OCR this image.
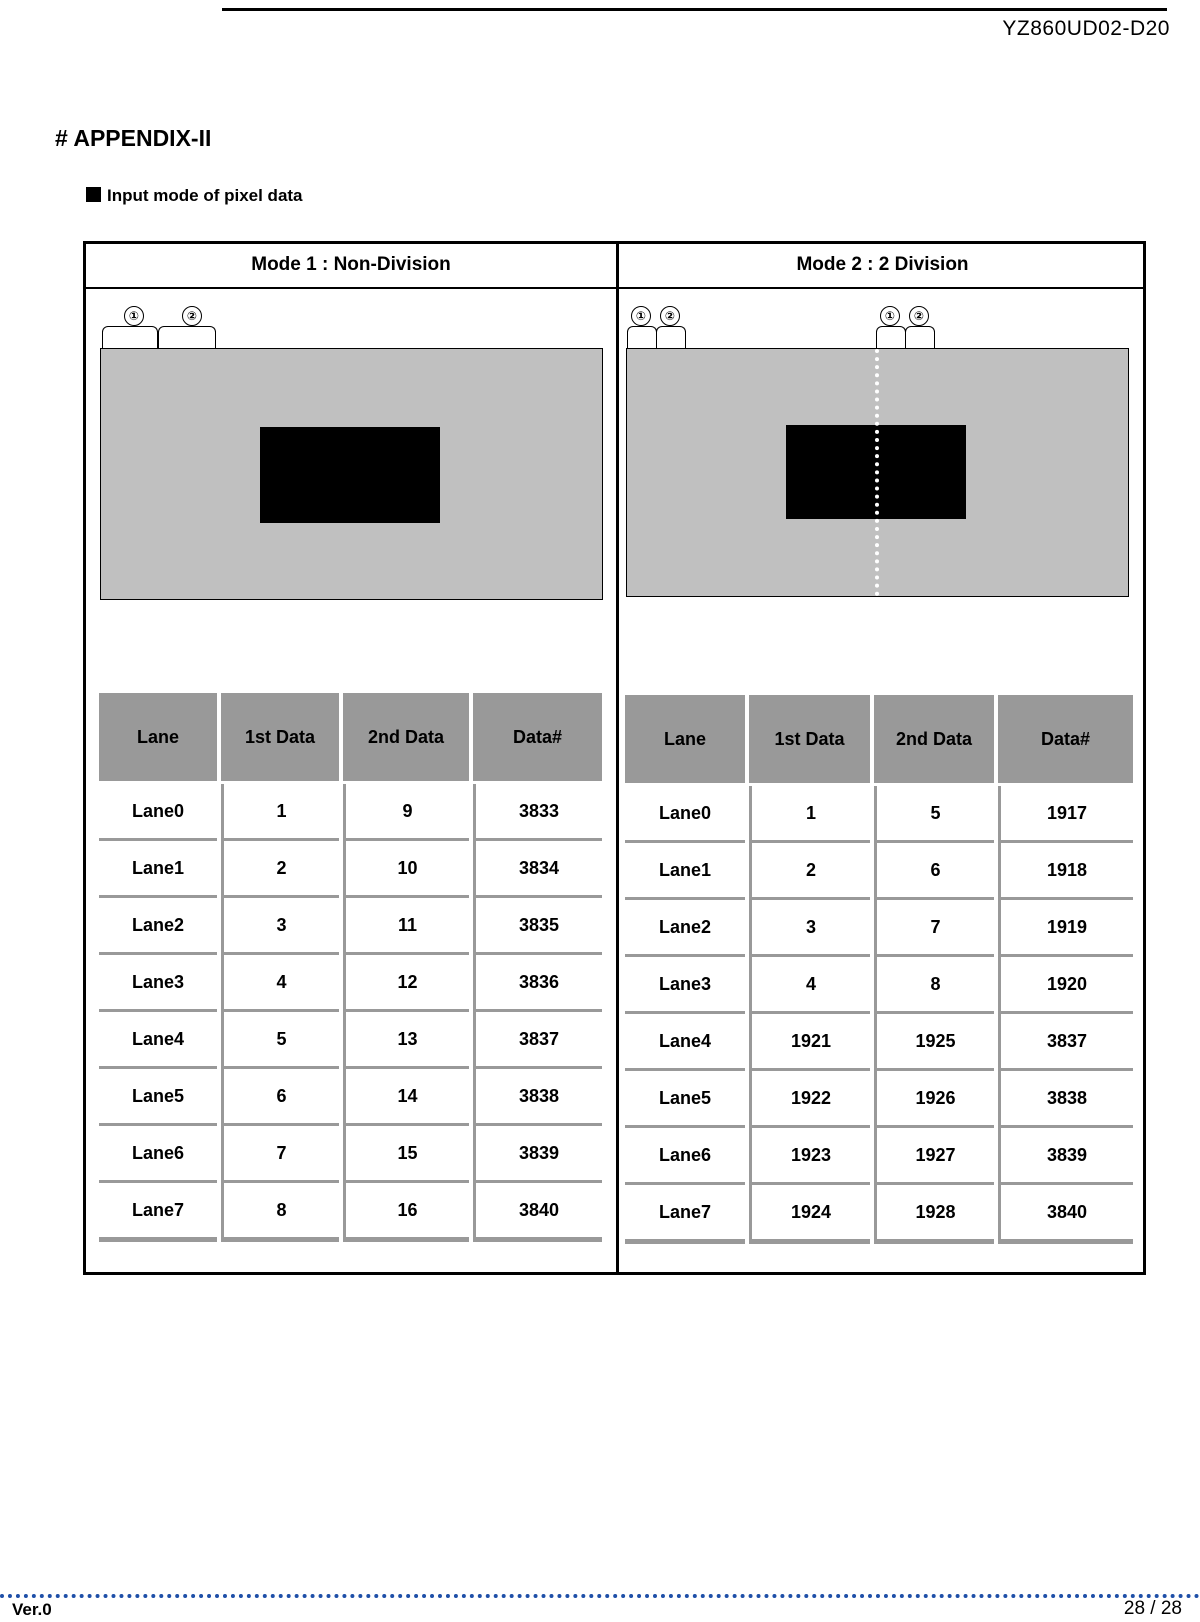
YZ860UD02-D20
# APPENDIX-II
Input mode of pixel data
Mode 1 : Non-Division	Mode 2 : 2 Division
①	②	①	②	①	②
Lane	1st Data	2nd Data	Data#
Lane0	1	9	3833
Lane1	2	10	3834
Lane2	3	11	3835
Lane3	4	12	3836
Lane4	5	13	3837
Lane5	6	14	3838
Lane6	7	15	3839
Lane7	8	16	3840
Lane	1st Data	2nd Data	Data#
Lane0	1	5	1917
Lane1	2	6	1918
Lane2	3	7	1919
Lane3	4	8	1920
Lane4	1921	1925	3837
Lane5	1922	1926	3838
Lane6	1923	1927	3839
Lane7	1924	1928	3840
Ver.0	28 / 28
